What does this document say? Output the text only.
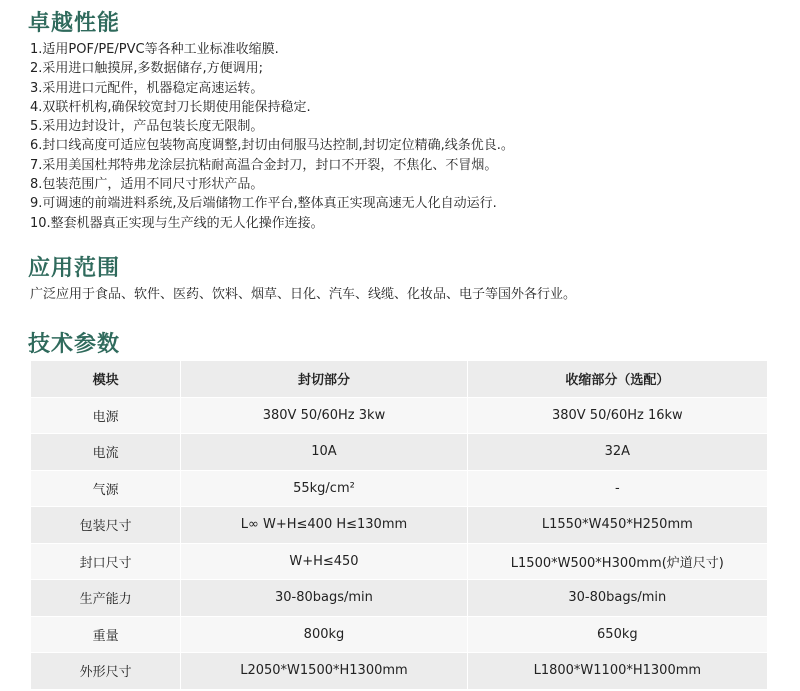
卓越性能
1.适用POF/PE/PVC等各种工业标准收缩膜.
2.采用进口触摸屏,多数据储存,方便调用;
3.采用进口元配件，机器稳定高速运转。
4.双联杆机构,确保较宽封刀长期使用能保持稳定.
5.采用边封设计，产品包装长度无限制。
6.封口线高度可适应包装物高度调整,封切由伺服马达控制,封切定位精确,线条优良.。
7.采用美国杜邦特弗龙涂层抗粘耐高温合金封刀，封口不开裂，不焦化、不冒烟。
8.包装范围广，适用不同尺寸形状产品。
9.可调速的前端进料系统,及后端储物工作平台,整体真正实现高速无人化自动运行.
10.整套机器真正实现与生产线的无人化操作连接。
应用范围

广泛应用于食品、软件、医药、饮料、烟草、日化、汽车、线缆、化妆品、电子等国外各行业。

技术参数
模块	封切部分	收缩部分（选配）
电源	380V 50/60Hz 3kw	380V 50/60Hz 16kw
电流	10A	32A
气源	55kg/cm²	-
包装尺寸	L∞ W+H≤400 H≤130mm	L1550*W450*H250mm
封口尺寸	W+H≤450	L1500*W500*H300mm(炉道尺寸)
生产能力	30-80bags/min	30-80bags/min
重量	800kg	650kg
外形尺寸	L2050*W1500*H1300mm	L1800*W1100*H1300mm
